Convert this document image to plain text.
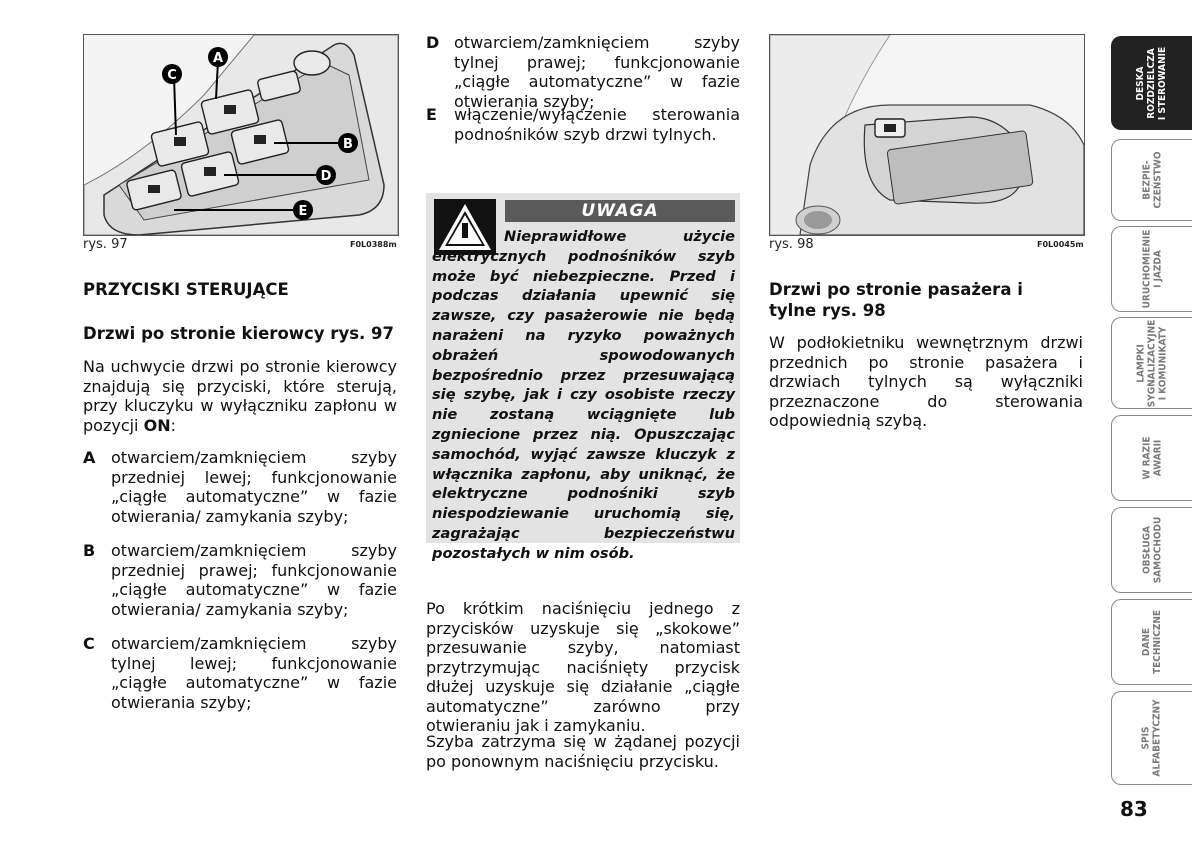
A
C
B
D
E
rys. 97	F0L0388m
PRZYCISKI STERUJĄCE
Drzwi po stronie kierowcy rys. 97
Na uchwycie drzwi po stronie kierowcy znajdują się przyciski, które sterują, przy kluczyku w wyłączniku zapłonu w pozycji ON:
A otwarciem/zamknięciem szyby przedniej lewej; funkcjonowanie „ciągłe automatyczne” w fazie otwierania/ zamykania szyby;
B otwarciem/zamknięciem szyby przedniej prawej; funkcjonowanie „ciągłe automatyczne” w fazie otwierania/ zamykania szyby;
C otwarciem/zamknięciem szyby tylnej lewej; funkcjonowanie „ciągłe automatyczne” w fazie otwierania szyby;
D otwarciem/zamknięciem szyby tylnej prawej; funkcjonowanie „ciągłe automatyczne” w fazie otwierania szyby;
E włączenie/wyłączenie sterowania podnośników szyb drzwi tylnych.
UWAGA
Nieprawidłowe użycie elektrycznych podnośników szyb może być niebezpieczne. Przed i podczas działania upewnić się zawsze, czy pasażerowie nie będą narażeni na ryzyko poważnych obrażeń spowodowanych bezpośrednio przez przesuwającą się szybę, jak i czy osobiste rzeczy nie zostaną wciągnięte lub zgniecione przez nią. Opuszczając samochód, wyjąć zawsze kluczyk z włącznika zapłonu, aby uniknąć, że elektryczne podnośniki szyb niespodziewanie uruchomią się, zagrażając bezpieczeństwu pozostałych w nim osób.
Po krótkim naciśnięciu jednego z przycisków uzyskuje się „skokowe” przesuwanie szyby, natomiast przytrzymując naciśnięty przycisk dłużej uzyskuje się działanie „ciągłe automatyczne” zarówno przy otwieraniu jak i zamykaniu.
Szyba zatrzyma się w żądanej pozycji po ponownym naciśnięciu przycisku.
rys. 98	F0L0045m
Drzwi po stronie pasażera i tylne rys. 98
W podłokietniku wewnętrznym drzwi przednich po stronie pasażera i drzwiach tylnych są wyłączniki przeznaczone do sterowania odpowiednią szybą.
DESKA
ROZDZIELCZA
I STEROWANIE
BEZPIE-
CZEŃSTWO
URUCHOMIENIE
I JAZDA
LAMPKI
SYGNALIZACYJNE
I KOMUNIKATY
W RAZIE
AWARII
OBSŁUGA
SAMOCHODU
DANE
TECHNICZNE
SPIS
ALFABETYCZNY
83
